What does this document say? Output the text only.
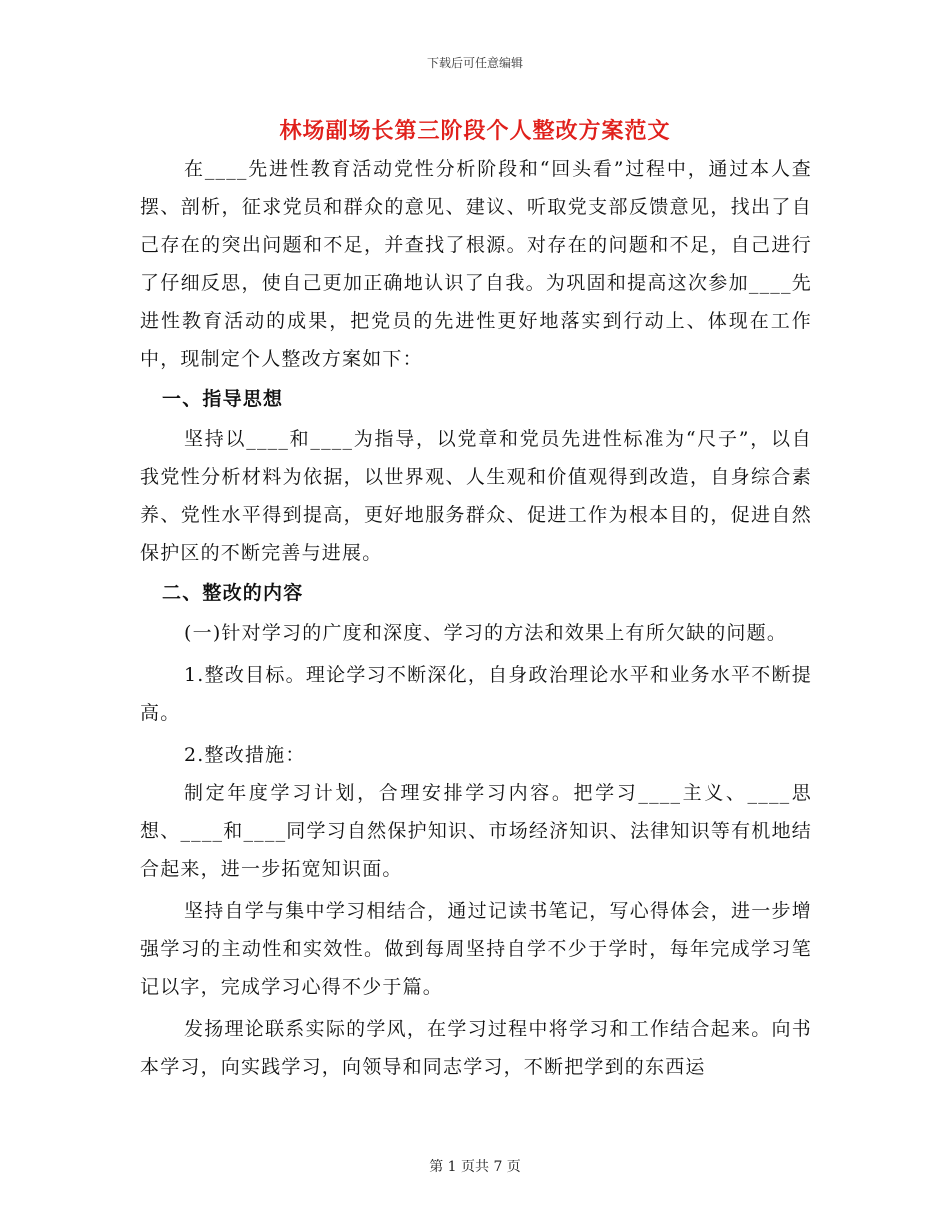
下载后可任意编辑
林场副场长第三阶段个人整改方案范文

在____先进性教育活动党性分析阶段和“回头看”过程中，通过本人查摆、剖析，征求党员和群众的意见、建议、听取党支部反馈意见，找出了自己存在的突出问题和不足，并查找了根源。对存在的问题和不足，自己进行了仔细反思，使自己更加正确地认识了自我。为巩固和提高这次参加____先进性教育活动的成果，把党员的先进性更好地落实到行动上、体现在工作中，现制定个人整改方案如下：

一、指导思想

坚持以____和____为指导，以党章和党员先进性标准为“尺子”，以自我党性分析材料为依据，以世界观、人生观和价值观得到改造，自身综合素养、党性水平得到提高，更好地服务群众、促进工作为根本目的，促进自然保护区的不断完善与进展。

二、整改的内容

(一)针对学习的广度和深度、学习的方法和效果上有所欠缺的问题。

1.整改目标。理论学习不断深化，自身政治理论水平和业务水平不断提高。

2.整改措施：

制定年度学习计划，合理安排学习内容。把学习____主义、____思想、____和____同学习自然保护知识、市场经济知识、法律知识等有机地结合起来，进一步拓宽知识面。

坚持自学与集中学习相结合，通过记读书笔记，写心得体会，进一步增强学习的主动性和实效性。做到每周坚持自学不少于学时，每年完成学习笔记以字，完成学习心得不少于篇。

发扬理论联系实际的学风，在学习过程中将学习和工作结合起来。向书本学习，向实践学习，向领导和同志学习，不断把学到的东西运

第 1 页共 7 页
